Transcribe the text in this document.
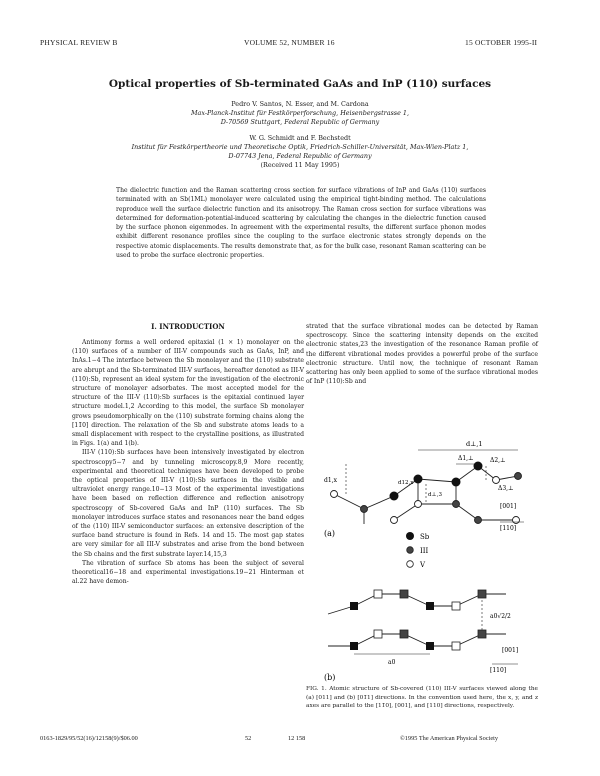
PHYSICAL REVIEW B	VOLUME 52, NUMBER 16	15 OCTOBER 1995-II
Optical properties of Sb-terminated GaAs and InP (110) surfaces
Pedro V. Santos, N. Esser, and M. Cardona
Max-Planck-Institut für Festkörperforschung, Heisenbergstrasse 1,
D-70569 Stuttgart, Federal Republic of Germany
W. G. Schmidt and F. Bechstedt
Institut für Festkörpertheorie und Theoretische Optik, Friedrich-Schiller-Universität, Max-Wien-Platz 1,
D-07743 Jena, Federal Republic of Germany
(Received 11 May 1995)
The dielectric function and the Raman scattering cross section for surface vibrations of InP and GaAs (110) surfaces terminated with an Sb(1ML) monolayer were calculated using the empirical tight-binding method. The calculations reproduce well the surface dielectric function and its anisotropy. The Raman cross section for surface vibrations was determined for deformation-potential-induced scattering by calculating the changes in the dielectric function caused by the surface phonon eigenmodes. In agreement with the experimental results, the different surface phonon modes exhibit different resonance profiles since the coupling to the surface electronic states strongly depends on the respective atomic displacements. The results demonstrate that, as for the bulk case, resonant Raman scattering can be used to probe the surface electronic properties.
I. INTRODUCTION

Antimony forms a well ordered epitaxial (1 × 1) monolayer on the (110) surfaces of a number of III-V compounds such as GaAs, InP, and InAs.1−4 The interface between the Sb monolayer and the (110) substrate are abrupt and the Sb-terminated III-V surfaces, hereafter denoted as III-V (110):Sb, represent an ideal system for the investigation of the electronic structure of monolayer adsorbates. The most accepted model for the structure of the III-V (110):Sb surfaces is the epitaxial continued layer structure model.1,2 According to this model, the surface Sb monolayer grows pseudomorphically on the (110) substrate forming chains along the [11̄0] direction. The relaxation of the Sb and substrate atoms leads to a small displacement with respect to the crystalline positions, as illustrated in Figs. 1(a) and 1(b).

III-V (110):Sb surfaces have been intensively investigated by electron spectroscopy5−7 and by tunneling microscopy.8,9 More recently, experimental and theoretical techniques have been developed to probe the optical properties of III-V (110):Sb surfaces in the visible and ultraviolet energy range.10−13 Most of the experimental investigations have been based on reflection difference and reflection anisotropy spectroscopy of Sb-covered GaAs and InP (110) surfaces. The Sb monolayer introduces surface states and resonances near the band edges of the (110) III-V semiconductor surfaces: an extensive description of the surface band structure is found in Refs. 14 and 15. The most gap states are very similar for all III-V substrates and arise from the bond between the Sb chains and the first substrate layer.14,15,3

The vibration of surface Sb atoms has been the subject of several theoretical16−18 and experimental investigations.19−21 Hinterman et al.22 have demon-

strated that the surface vibrational modes can be detected by Raman spectroscopy. Since the scattering intensity depends on the excited electronic states,23 the investigation of the resonance Raman profile of the different vibrational modes provides a powerful probe of the surface electronic structure. Until now, the technique of resonant Raman scattering has only been applied to some of the surface vibrational modes of InP (110):Sb and

d⊥,1
Δ1,⊥	Δ2,⊥
Δ3,⊥
d1,x	d12,x
d⊥,3
[001]
[110]
(a)	Sb
III
V
a0√2/2
a0
[001]
[110]
(b)
FIG. 1. Atomic structure of Sb-covered (110) III-V surfaces viewed along the (a) [011] and (b) [01̄1] directions. In the convention used here, the x, y, and z axes are parallel to the [11̄0], [001], and [110] directions, respectively.
0163-1829/95/52(16)/12158(9)/$06.00	52	12 158	©1995 The American Physical Society
